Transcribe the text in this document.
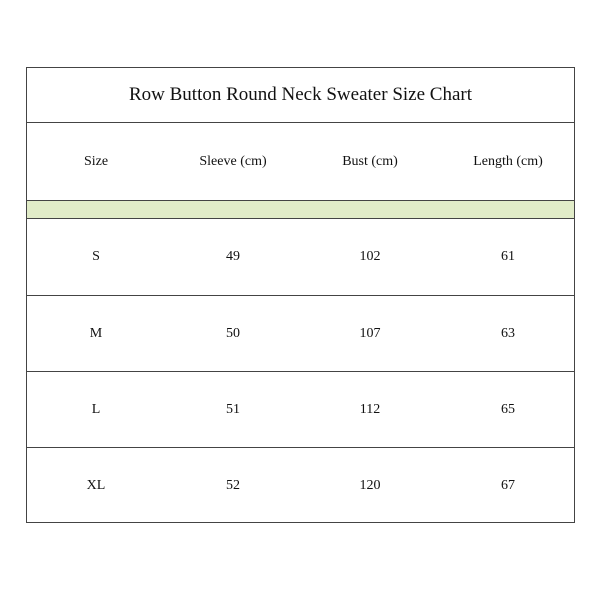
Row Button Round Neck Sweater Size Chart
Size	Sleeve (cm)	Bust (cm)	Length (cm)
S	49	102	61
M	50	107	63
L	51	112	65
XL	52	120	67
